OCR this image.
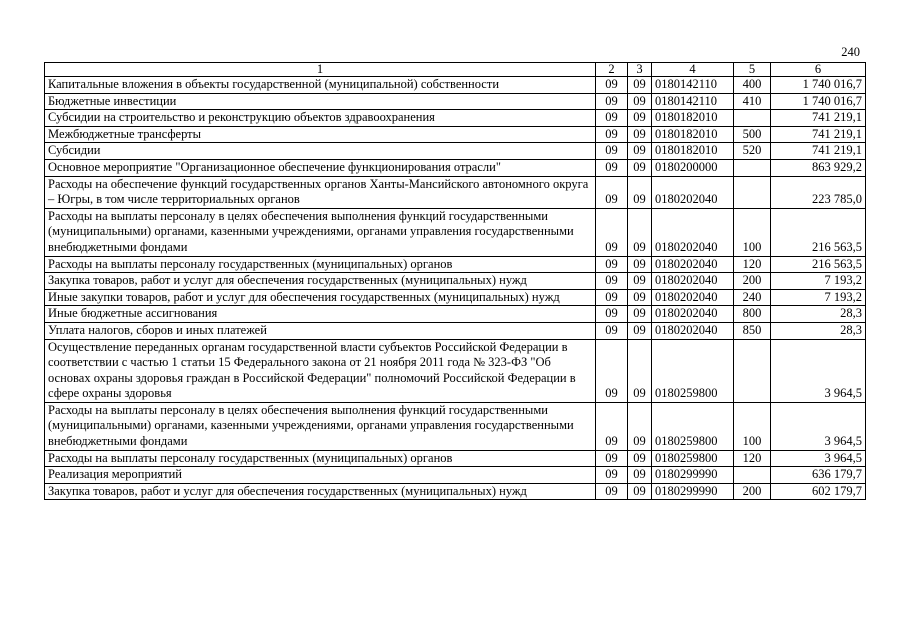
240
1	2	3	4	5	6
Капитальные вложения в объекты государственной (муниципальной) собственности	09	09	0180142110	400	1 740 016,7
Бюджетные инвестиции	09	09	0180142110	410	1 740 016,7
Субсидии на строительство и реконструкцию объектов здравоохранения	09	09	0180182010		741 219,1
Межбюджетные трансферты	09	09	0180182010	500	741 219,1
Субсидии	09	09	0180182010	520	741 219,1
Основное мероприятие "Организационное обеспечение функционирования отрасли"	09	09	0180200000		863 929,2
Расходы на обеспечение функций государственных органов Ханты-Мансийского автономного округа – Югры, в том числе территориальных органов	09	09	0180202040		223 785,0
Расходы на выплаты персоналу в целях обеспечения выполнения функций государственными (муниципальными) органами, казенными учреждениями, органами управления государственными внебюджетными фондами	09	09	0180202040	100	216 563,5
Расходы на выплаты персоналу государственных (муниципальных) органов	09	09	0180202040	120	216 563,5
Закупка товаров, работ и услуг для обеспечения государственных (муниципальных) нужд	09	09	0180202040	200	7 193,2
Иные закупки товаров, работ и услуг для обеспечения государственных (муниципальных) нужд	09	09	0180202040	240	7 193,2
Иные бюджетные ассигнования	09	09	0180202040	800	28,3
Уплата налогов, сборов и иных платежей	09	09	0180202040	850	28,3
Осуществление переданных органам государственной власти субъектов Российской Федерации в соответствии с частью 1 статьи 15 Федерального закона от 21 ноября 2011 года № 323-ФЗ "Об основах охраны здоровья граждан в Российской Федерации" полномочий Российской Федерации в сфере охраны здоровья	09	09	0180259800		3 964,5
Расходы на выплаты персоналу в целях обеспечения выполнения функций государственными (муниципальными) органами, казенными учреждениями, органами управления государственными внебюджетными фондами	09	09	0180259800	100	3 964,5
Расходы на выплаты персоналу государственных (муниципальных) органов	09	09	0180259800	120	3 964,5
Реализация мероприятий	09	09	0180299990		636 179,7
Закупка товаров, работ и услуг для обеспечения государственных (муниципальных) нужд	09	09	0180299990	200	602 179,7
